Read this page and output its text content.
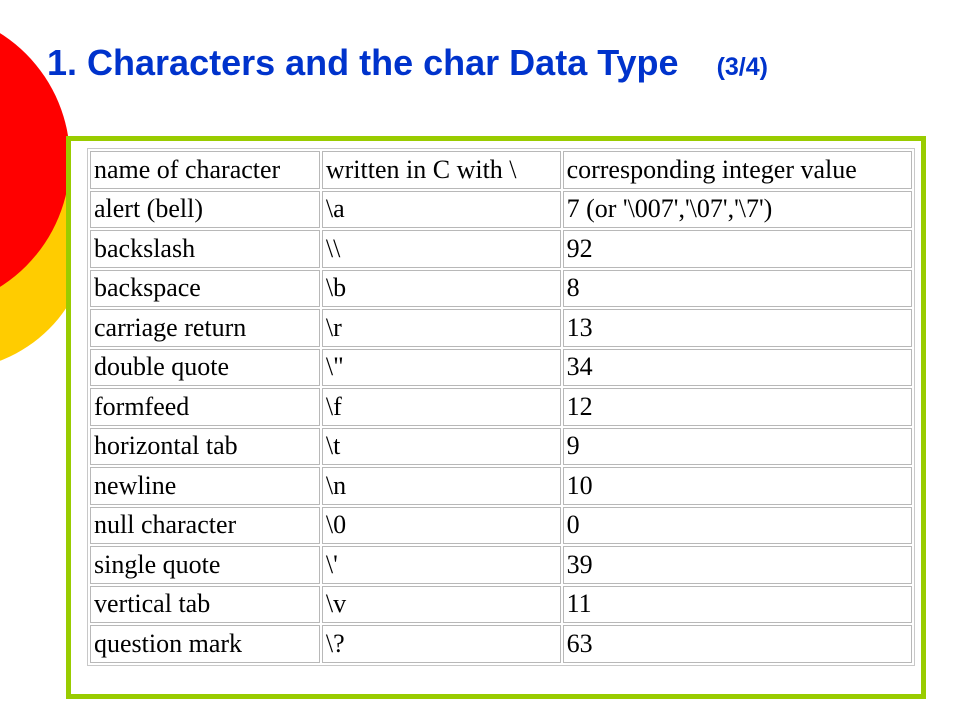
1. Characters and the char Data Type (3/4)
name of character	written in C with \	corresponding integer value
alert (bell)	\a	7 (or '\007','\07','\7')
backslash	\\	92
backspace	\b	8
carriage return	\r	13
double quote	\"	34
formfeed	\f	12
horizontal tab	\t	9
newline	\n	10
null character	\0	0
single quote	\'	39
vertical tab	\v	11
question mark	\?	63
